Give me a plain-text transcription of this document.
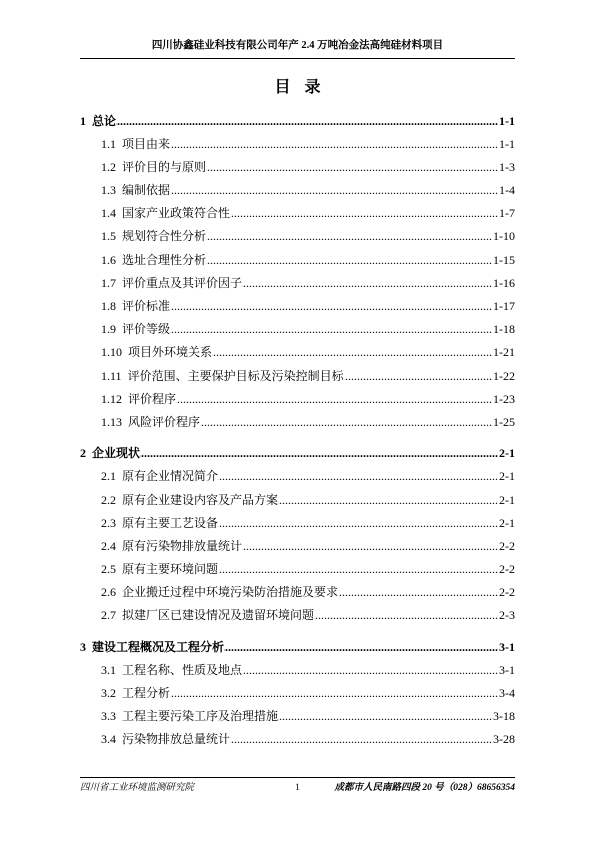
四川协鑫硅业科技有限公司年产 2.4 万吨冶金法高纯硅材料项目
目 录
1 总论 .....	1-1
1.1 项目由来 .....	1-1
1.2 评价目的与原则 .....	1-3
1.3 编制依据 .....	1-4
1.4 国家产业政策符合性 .....	1-7
1.5 规划符合性分析 .....	1-10
1.6 选址合理性分析 .....	1-15
1.7 评价重点及其评价因子 .....	1-16
1.8 评价标准 .....	1-17
1.9 评价等级 .....	1-18
1.10 项目外环境关系 .....	1-21
1.11 评价范围、主要保护目标及污染控制目标 .....	1-22
1.12 评价程序 .....	1-23
1.13 风险评价程序 .....	1-25
2 企业现状 .....	2-1
2.1 原有企业情况简介 .....	2-1
2.2 原有企业建设内容及产品方案 .....	2-1
2.3 原有主要工艺设备 .....	2-1
2.4 原有污染物排放量统计 .....	2-2
2.5 原有主要环境问题 .....	2-2
2.6 企业搬迁过程中环境污染防治措施及要求 .....	2-2
2.7 拟建厂区已建设情况及遗留环境问题 .....	2-3
3 建设工程概况及工程分析 .....	3-1
3.1 工程名称、性质及地点 .....	3-1
3.2 工程分析 .....	3-4
3.3 工程主要污染工序及治理措施 .....	3-18
3.4 污染物排放总量统计 .....	3-28
四川省工业环境监测研究院	1	成都市人民南路四段 20 号（028）68656354
